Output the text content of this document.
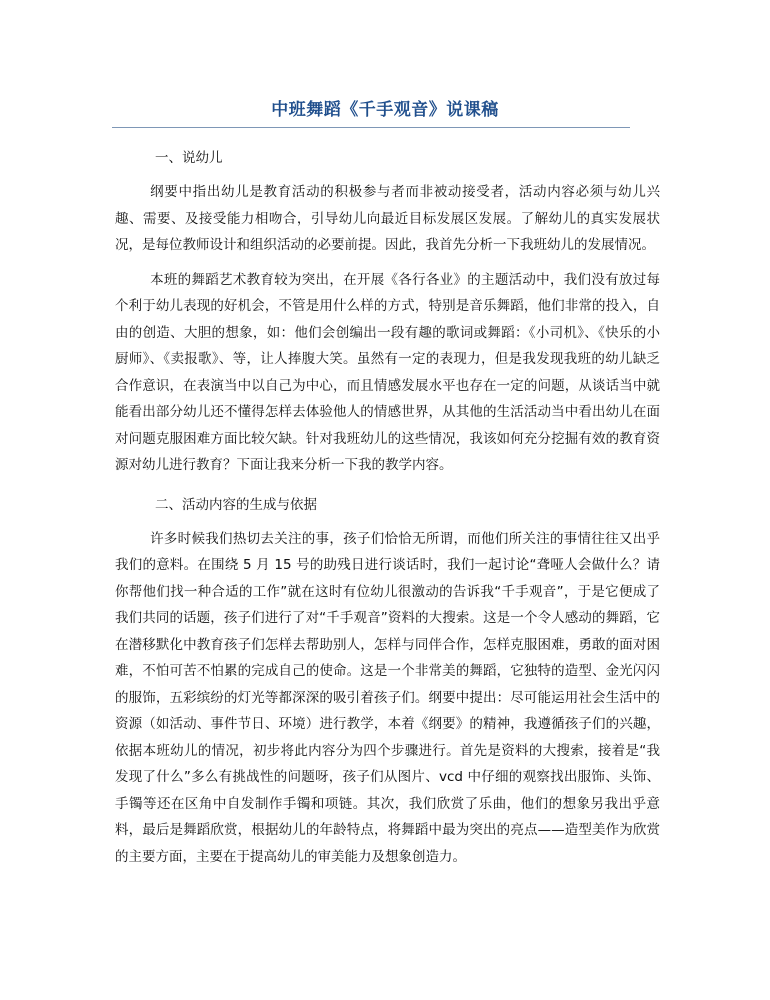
中班舞蹈《千手观音》说课稿
一、说幼儿

纲要中指出幼儿是教育活动的积极参与者而非被动接受者，活动内容必须与幼儿兴趣、需要、及接受能力相吻合，引导幼儿向最近目标发展区发展。了解幼儿的真实发展状况，是每位教师设计和组织活动的必要前提。因此，我首先分析一下我班幼儿的发展情况。

本班的舞蹈艺术教育较为突出，在开展《各行各业》的主题活动中，我们没有放过每个利于幼儿表现的好机会，不管是用什么样的方式，特别是音乐舞蹈，他们非常的投入，自由的创造、大胆的想象，如：他们会创编出一段有趣的歌词或舞蹈：《小司机》、《快乐的小厨师》、《卖报歌》、等，让人捧腹大笑。虽然有一定的表现力，但是我发现我班的幼儿缺乏合作意识，在表演当中以自己为中心，而且情感发展水平也存在一定的问题，从谈话当中就能看出部分幼儿还不懂得怎样去体验他人的情感世界，从其他的生活活动当中看出幼儿在面对问题克服困难方面比较欠缺。针对我班幼儿的这些情况，我该如何充分挖掘有效的教育资源对幼儿进行教育？下面让我来分析一下我的教学内容。

二、活动内容的生成与依据

许多时候我们热切去关注的事，孩子们恰恰无所谓，而他们所关注的事情往往又出乎我们的意料。在围绕 5 月 15 号的助残日进行谈话时，我们一起讨论“聋哑人会做什么？请你帮他们找一种合适的工作”就在这时有位幼儿很激动的告诉我“千手观音”，于是它便成了我们共同的话题，孩子们进行了对“千手观音”资料的大搜索。这是一个令人感动的舞蹈，它在潜移默化中教育孩子们怎样去帮助别人，怎样与同伴合作，怎样克服困难，勇敢的面对困难，不怕可苦不怕累的完成自己的使命。这是一个非常美的舞蹈，它独特的造型、金光闪闪的服饰，五彩缤纷的灯光等都深深的吸引着孩子们。纲要中提出：尽可能运用社会生活中的资源（如活动、事件节日、环境）进行教学，本着《纲要》的精神，我遵循孩子们的兴趣，依据本班幼儿的情况，初步将此内容分为四个步骤进行。首先是资料的大搜索，接着是“我发现了什么”多么有挑战性的问题呀，孩子们从图片、vcd 中仔细的观察找出服饰、头饰、手镯等还在区角中自发制作手镯和项链。其次，我们欣赏了乐曲，他们的想象另我出乎意料，最后是舞蹈欣赏，根据幼儿的年龄特点，将舞蹈中最为突出的亮点——造型美作为欣赏的主要方面，主要在于提高幼儿的审美能力及想象创造力。
